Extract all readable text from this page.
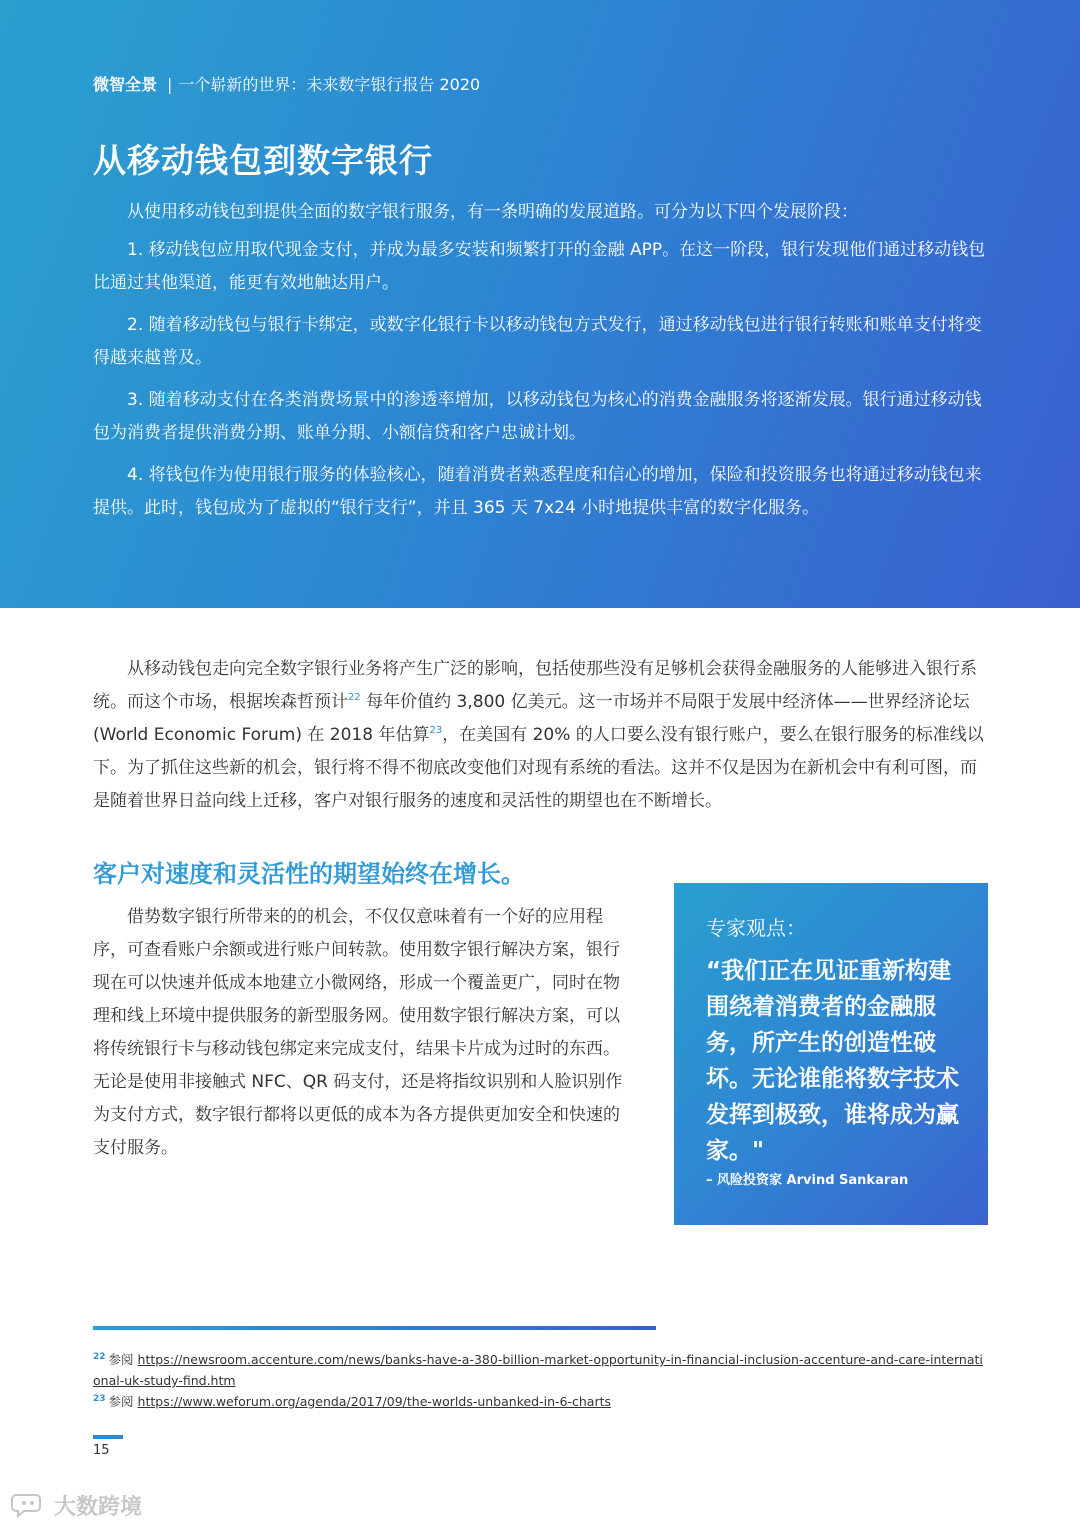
微智全景 | 一个崭新的世界：未来数字银行报告 2020
从移动钱包到数字银行

从使用移动钱包到提供全面的数字银行服务，有一条明确的发展道路。可分为以下四个发展阶段：

1. 移动钱包应用取代现金支付，并成为最多安装和频繁打开的金融 APP。在这一阶段，银行发现他们通过移动钱包比通过其他渠道，能更有效地触达用户。

2. 随着移动钱包与银行卡绑定，或数字化银行卡以移动钱包方式发行，通过移动钱包进行银行转账和账单支付将变得越来越普及。

3. 随着移动支付在各类消费场景中的渗透率增加，以移动钱包为核心的消费金融服务将逐渐发展。银行通过移动钱包为消费者提供消费分期、账单分期、小额信贷和客户忠诚计划。

4. 将钱包作为使用银行服务的体验核心，随着消费者熟悉程度和信心的增加，保险和投资服务也将通过移动钱包来提供。此时，钱包成为了虚拟的“银行支行”，并且 365 天 7x24 小时地提供丰富的数字化服务。

从移动钱包走向完全数字银行业务将产生广泛的影响，包括使那些没有足够机会获得金融服务的人能够进入银行系统。而这个市场，根据埃森哲预计$^{22}$ 每年价值约 3,800 亿美元。这一市场并不局限于发展中经济体——世界经济论坛 (World Economic Forum) 在 2018 年估算$^{23}$，在美国有 20% 的人口要么没有银行账户，要么在银行服务的标准线以下。为了抓住这些新的机会，银行将不得不彻底改变他们对现有系统的看法。这并不仅是因为在新机会中有利可图，而是随着世界日益向线上迁移，客户对银行服务的速度和灵活性的期望也在不断增长。

客户对速度和灵活性的期望始终在增长。

借势数字银行所带来的的机会，不仅仅意味着有一个好的应用程序，可查看账户余额或进行账户间转款。使用数字银行解决方案，银行现在可以快速并低成本地建立小微网络，形成一个覆盖更广，同时在物理和线上环境中提供服务的新型服务网。使用数字银行解决方案，可以将传统银行卡与移动钱包绑定来完成支付，结果卡片成为过时的东西。无论是使用非接触式 NFC、QR 码支付，还是将指纹识别和人脸识别作为支付方式，数字银行都将以更低的成本为各方提供更加安全和快速的支付服务。

专家观点：

“我们正在见证重新构建围绕着消费者的金融服务，所产生的创造性破坏。无论谁能将数字技术发挥到极致，谁将成为赢家。"

– 风险投资家 Arvind Sankaran

$^{22}$ 参阅 https://newsroom.accenture.com/news/banks-have-a-380-billion-market-opportunity-in-financial-inclusion-accenture-and-care-international-uk-study-find.htm

$^{23}$ 参阅 https://www.weforum.org/agenda/2017/09/the-worlds-unbanked-in-6-charts

15
大数跨境
